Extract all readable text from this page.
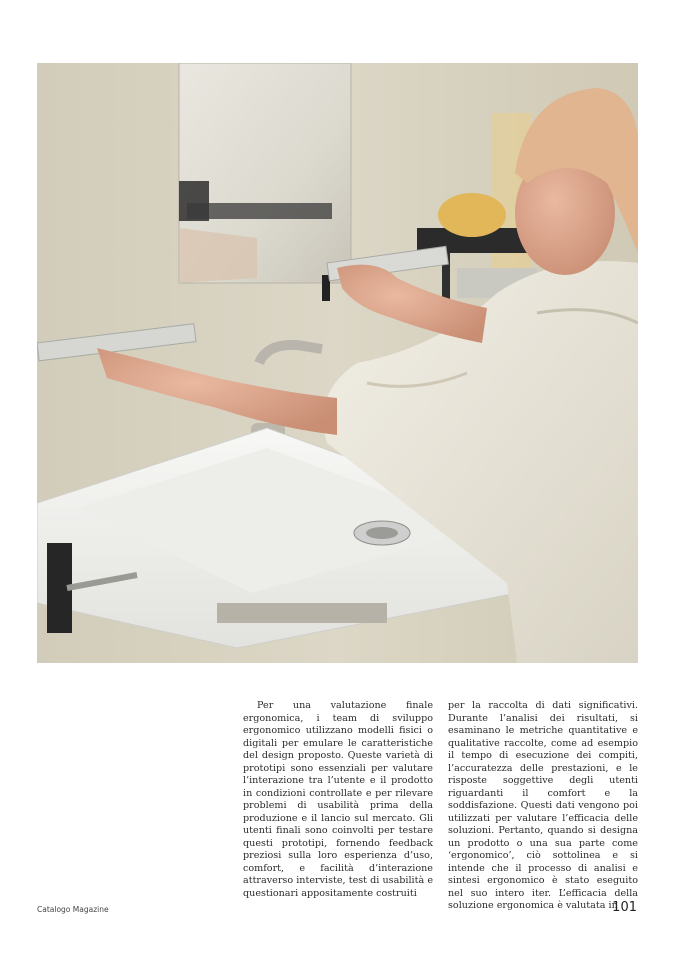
Per una valutazione finale ergonomica, i team di sviluppo ergonomico utilizzano modelli fisici o digitali per emulare le caratteristiche del design proposto. Queste varietà di prototipi sono essenziali per valutare l’interazione tra l’utente e il prodotto in condizioni controllate e per rilevare problemi di usabilità prima della produzione e il lancio sul mercato. Gli utenti finali sono coinvolti per testare questi prototipi, fornendo feedback preziosi sulla loro esperienza d’uso, comfort, e facilità d’interazione attraverso interviste, test di usabilità e questionari appositamente costruiti

per la raccolta di dati significativi. Durante l’analisi dei risultati, si esaminano le metriche quantitative e qualitative raccolte, come ad esempio il tempo di esecuzione dei compiti, l’accuratezza delle prestazioni, e le risposte soggettive degli utenti riguardanti il comfort e la soddisfazione. Questi dati vengono poi utilizzati per valutare l’efficacia delle soluzioni. Pertanto, quando si designa un prodotto o una sua parte come ‘ergonomico’, ciò sottolinea e si intende che il processo di analisi e sintesi ergonomico è stato eseguito nel suo intero iter. L’efficacia della soluzione ergonomica è valutata in

Catalogo Magazine	101
